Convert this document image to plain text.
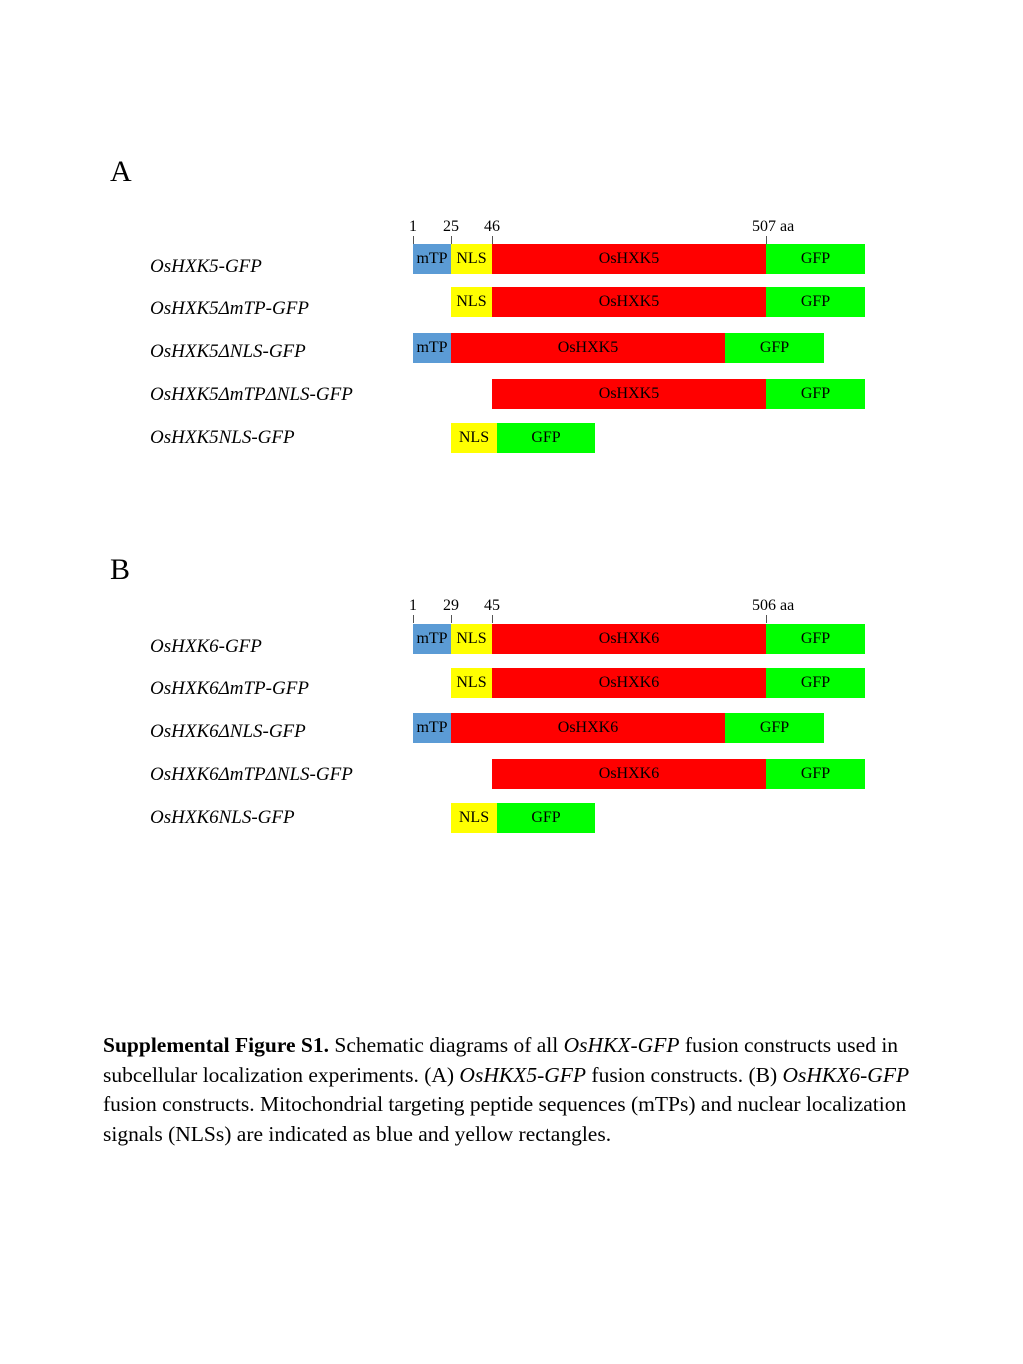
A
1 25 46	507 aa
OsHXK5-GFP	mTP NLS	OsHXK5	GFP
OsHXK5ΔmTP-GFP	NLS	OsHXK5	GFP
OsHXK5ΔNLS-GFP	mTP	OsHXK5	GFP
OsHXK5ΔmTPΔNLS-GFP	OsHXK5	GFP
OsHXK5NLS-GFP	NLS	GFP
B
1 29 45	506 aa
OsHXK6-GFP	mTP NLS	OsHXK6	GFP
OsHXK6ΔmTP-GFP	NLS	OsHXK6	GFP
OsHXK6ΔNLS-GFP	mTP	OsHXK6	GFP
OsHXK6ΔmTPΔNLS-GFP	OsHXK6	GFP
OsHXK6NLS-GFP	NLS	GFP
Supplemental Figure S1. Schematic diagrams of all OsHKX-GFP fusion constructs used in subcellular localization experiments. (A) OsHKX5-GFP fusion constructs. (B) OsHKX6-GFP fusion constructs. Mitochondrial targeting peptide sequences (mTPs) and nuclear localization signals (NLSs) are indicated as blue and yellow rectangles.
